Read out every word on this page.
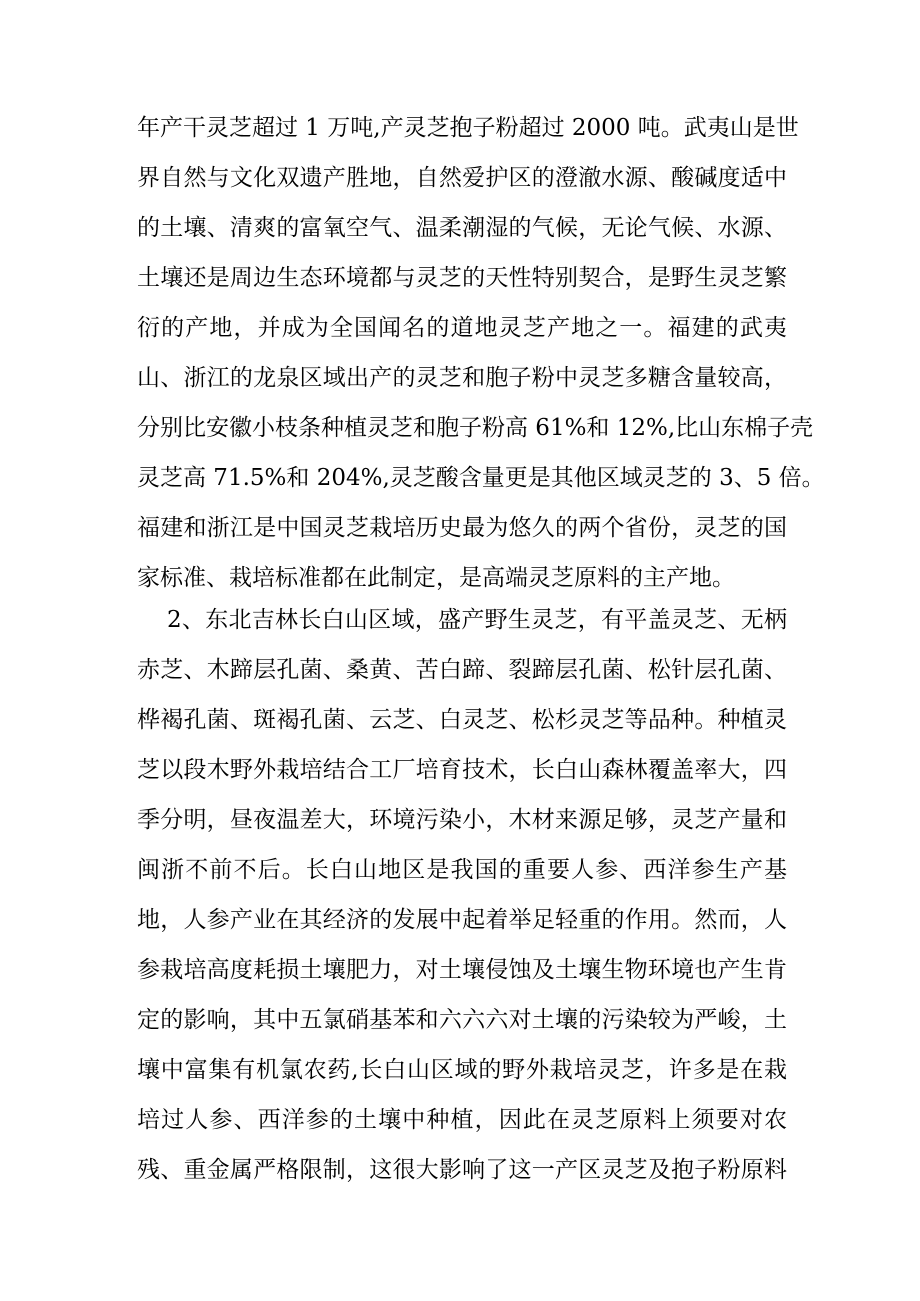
年产干灵芝超过 1 万吨,产灵芝抱子粉超过 2000 吨。武夷山是世
界自然与文化双遗产胜地，自然爱护区的澄澈水源、酸碱度适中
的土壤、清爽的富氧空气、温柔潮湿的气候，无论气候、水源、
土壤还是周边生态环境都与灵芝的天性特别契合，是野生灵芝繁
衍的产地，并成为全国闻名的道地灵芝产地之一。福建的武夷
山、浙江的龙泉区域出产的灵芝和胞子粉中灵芝多糖含量较高，
分别比安徽小枝条种植灵芝和胞子粉高 61%和 12%,比山东棉子壳
灵芝高 71.5%和 204%,灵芝酸含量更是其他区域灵芝的 3、5 倍。
福建和浙江是中国灵芝栽培历史最为悠久的两个省份，灵芝的国
家标准、栽培标准都在此制定，是高端灵芝原料的主产地。
2、东北吉林长白山区域，盛产野生灵芝，有平盖灵芝、无柄
赤芝、木蹄层孔菌、桑黄、苦白蹄、裂蹄层孔菌、松针层孔菌、
桦褐孔菌、斑褐孔菌、云芝、白灵芝、松杉灵芝等品种。种植灵
芝以段木野外栽培结合工厂培育技术，长白山森林覆盖率大，四
季分明，昼夜温差大，环境污染小，木材来源足够，灵芝产量和
闽浙不前不后。长白山地区是我国的重要人参、西洋参生产基
地，人参产业在其经济的发展中起着举足轻重的作用。然而，人
参栽培高度耗损土壤肥力，对土壤侵蚀及土壤生物环境也产生肯
定的影响，其中五氯硝基苯和六六六对土壤的污染较为严峻，土
壤中富集有机氯农药,长白山区域的野外栽培灵芝，许多是在栽
培过人参、西洋参的土壤中种植，因此在灵芝原料上须要对农
残、重金属严格限制，这很大影响了这一产区灵芝及抱子粉原料
